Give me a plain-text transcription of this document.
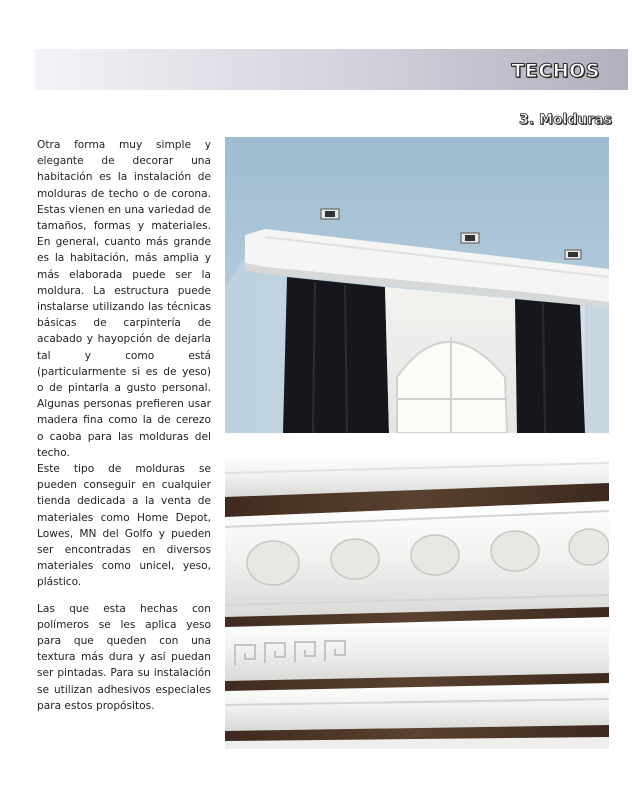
TECHOS
3. Molduras

Otra forma muy simple y elegante de decorar una habitación es la instalación de molduras de techo o de corona. Estas vienen en una variedad de tamaños, formas y materiales. En general, cuanto más grande es la habitación, más amplia y más elaborada puede ser la moldura. La estructura puede instalarse utilizando las técnicas básicas de carpintería de acabado y hayopción de dejarla tal y como está (particularmente si es de yeso) o de pintarla a gusto personal. Algunas personas prefieren usar madera fina como la de cerezo o caoba para las molduras del techo.

Este tipo de molduras se pueden conseguir en cualquier tienda dedicada a la venta de materiales como Home Depot, Lowes, MN del Golfo y pueden ser encontradas en diversos materiales como unicel, yeso, plástico.

Las que esta hechas con polímeros se les aplica yeso para que queden con una textura más dura y así puedan ser pintadas. Para su instalación se utilizan adhesivos especiales para estos propósitos.
